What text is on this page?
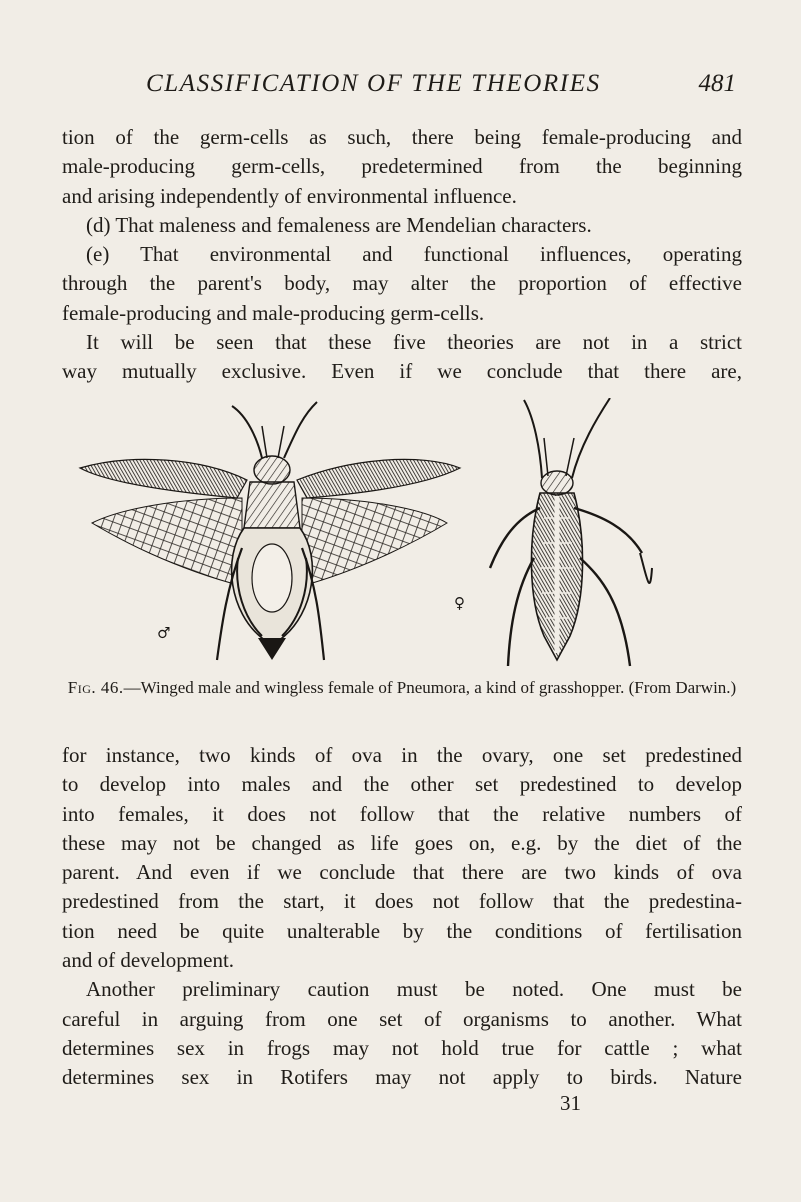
CLASSIFICATION OF THE THEORIES	481
tion of the germ-cells as such, there being female-producing and
male-producing germ-cells, predetermined from the beginning
and arising independently of environmental influence.
(d) That maleness and femaleness are Mendelian characters.
(e) That environmental and functional influences, operating
through the parent's body, may alter the proportion of effective
female-producing and male-producing germ-cells.
It will be seen that these five theories are not in a strict
way mutually exclusive. Even if we conclude that there are,
♂
♀
Fig. 46.—Winged male and wingless female of Pneumora, a kind of grasshopper. (From Darwin.)
for instance, two kinds of ova in the ovary, one set predestined
to develop into males and the other set predestined to develop
into females, it does not follow that the relative numbers of
these may not be changed as life goes on, e.g. by the diet of the
parent. And even if we conclude that there are two kinds of ova
predestined from the start, it does not follow that the predestina-
tion need be quite unalterable by the conditions of fertilisation
and of development.
Another preliminary caution must be noted. One must be
careful in arguing from one set of organisms to another. What
determines sex in frogs may not hold true for cattle ; what
determines sex in Rotifers may not apply to birds. Nature
31
